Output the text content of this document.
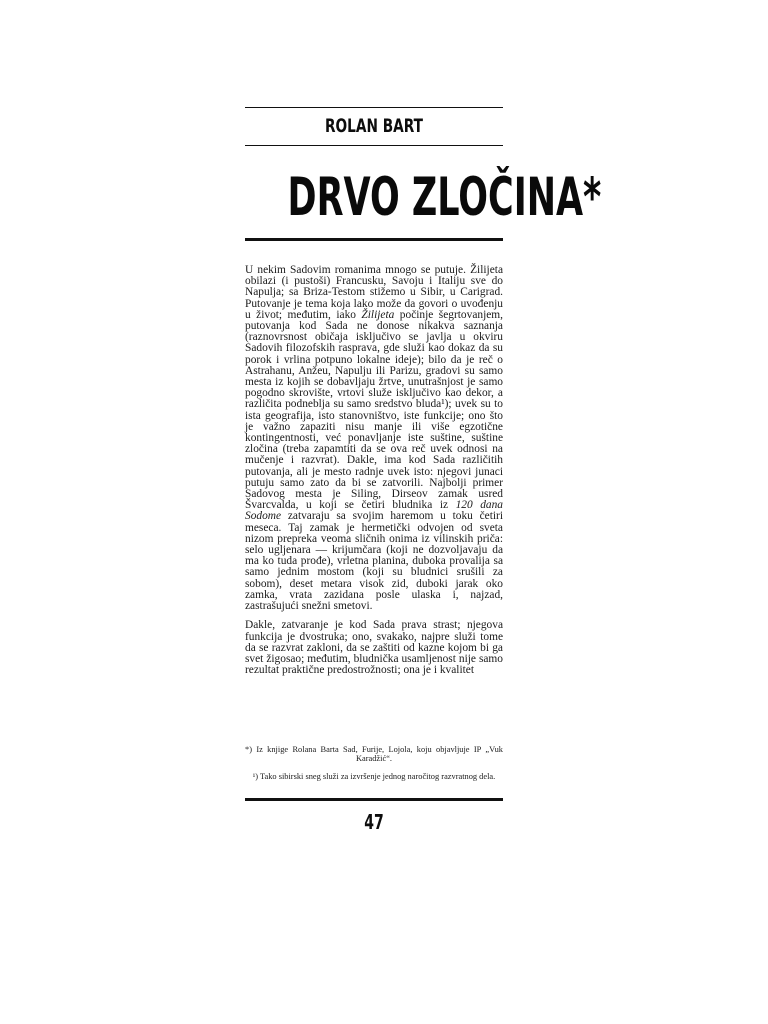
ROLAN BART
DRVO ZLOČINA*

U nekim Sadovim romanima mnogo se putuje. Žilijeta obilazi (i pustoši) Francusku, Savoju i Italiju sve do Napulja; sa Briza-Testom stižemo u Sibir, u Carigrad. Putovanje je tema koja lako može da govori o uvođenju u život; međutim, iako Žilijeta počinje šegrtovanjem, putovanja kod Sada ne donose nikakva saznanja (raznovrsnost običaja isključivo se javlja u okviru Sadovih filozofskih rasprava, gde služi kao dokaz da su porok i vrlina potpuno lokalne ideje); bilo da je reč o Astrahanu, Anžeu, Napulju ili Parizu, gradovi su samo mesta iz kojih se dobavljaju žrtve, unutrašnjost je samo pogodno skrovište, vrtovi služe isključivo kao dekor, a različita podneblja su samo sredstvo bluda¹); uvek su to ista geografija, isto stanovništvo, iste funkcije; ono što je važno zapaziti nisu manje ili više egzotične kontingentnosti, već ponavljanje iste suštine, suštine zločina (treba zapamtiti da se ova reč uvek odnosi na mučenje i razvrat). Dakle, ima kod Sada različitih putovanja, ali je mesto radnje uvek isto: njegovi junaci putuju samo zato da bi se zatvorili. Najbolji primer Sadovog mesta je Siling, Dirseov zamak usred Švarcvalda, u koji se četiri bludnika iz 120 dana Sodome zatvaraju sa svojim haremom u toku četiri meseca. Taj zamak je hermetički odvojen od sveta nizom prepreka veoma sličnih onima iz vilinskih priča: selo ugljenara — krijumčara (koji ne dozvoljavaju da ma ko tuda prođe), vrletna planina, duboka provalija sa samo jednim mostom (koji su bludnici srušili za sobom), deset metara visok zid, duboki jarak oko zamka, vrata zazidana posle ulaska i, najzad, zastrašujući snežni smetovi.

Dakle, zatvaranje je kod Sada prava strast; njegova funkcija je dvostruka; ono, svakako, najpre služi tome da se razvrat zakloni, da se zaštiti od kazne kojom bi ga svet žigosao; međutim, bludnička usamljenost nije samo rezultat praktične predostrožnosti; ona je i kvalitet

*) Iz knjige Rolana Barta Sad, Furije, Lojola, koju objavljuje IP „Vuk Karadžić“.

¹) Tako sibirski sneg služi za izvršenje jednog naročitog razvratnog dela.

47
